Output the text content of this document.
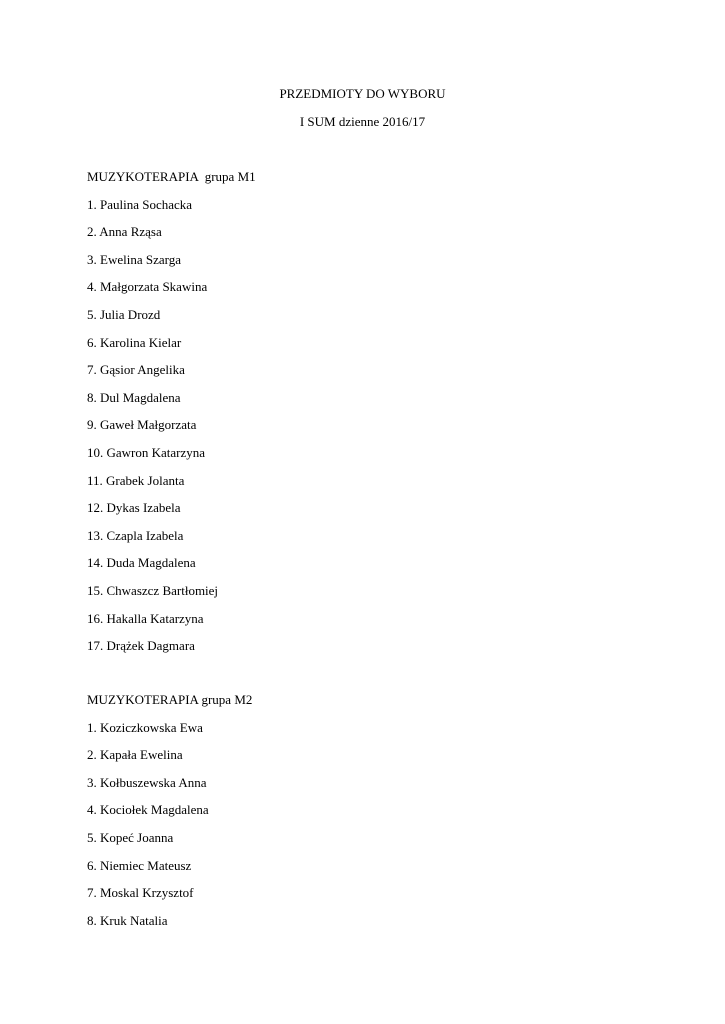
PRZEDMIOTY DO WYBORU
I SUM dzienne 2016/17
MUZYKOTERAPIA  grupa M1
1. Paulina Sochacka
2. Anna Rząsa
3. Ewelina Szarga
4. Małgorzata Skawina
5. Julia Drozd
6. Karolina Kielar
7. Gąsior Angelika
8. Dul Magdalena
9. Gaweł Małgorzata
10. Gawron Katarzyna
11. Grabek Jolanta
12. Dykas Izabela
13. Czapla Izabela
14. Duda Magdalena
15. Chwaszcz Bartłomiej
16. Hakalla Katarzyna
17. Drążek Dagmara
MUZYKOTERAPIA grupa M2
1. Koziczkowska Ewa
2. Kapała Ewelina
3. Kołbuszewska Anna
4. Kociołek Magdalena
5. Kopeć Joanna
6. Niemiec Mateusz
7. Moskal Krzysztof
8. Kruk Natalia
